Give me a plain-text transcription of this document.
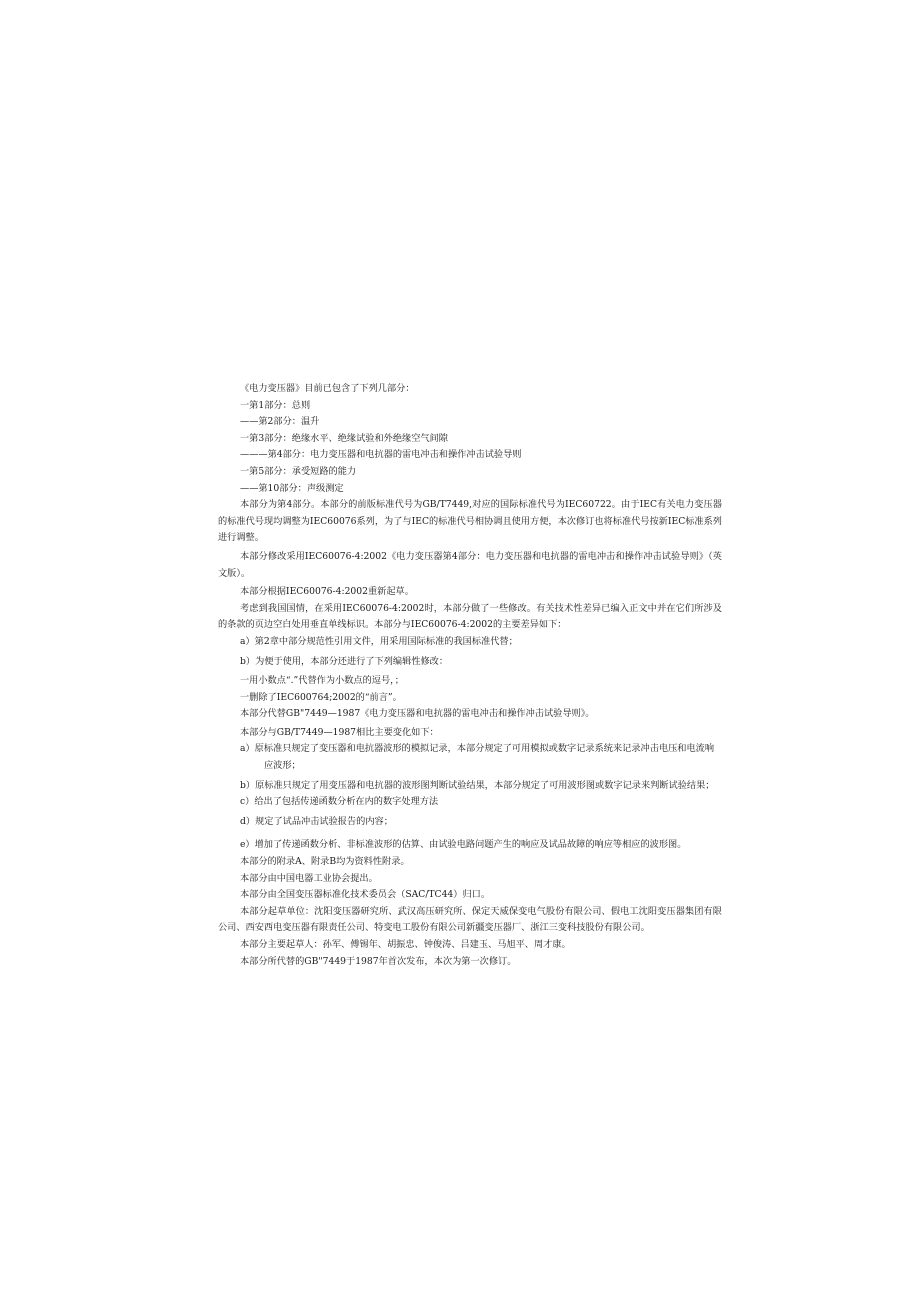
《电力变压器》目前已包含了下列几部分：
一第1部分：总则
——第2部分：温升
一第3部分：绝缘水平、绝缘试验和外绝缘空气间隙
———第4部分：电力变压器和电抗器的雷电冲击和操作冲击试验导则
一第5部分：承受短路的能力
——第10部分：声级测定
本部分为第4部分。本部分的前版标准代号为GB/T7449,对应的国际标准代号为IEC60722。由于IEC有关电力变压器的标准代号现均调整为IEC60076系列，为了与IEC的标准代号相协调且使用方便，本次修订也将标准代号按新IEC标准系列进行调整。
本部分修改采用IEC60076-4:2002《电力变压器第4部分：电力变压器和电抗器的雷电冲击和操作冲击试验导则》（英文版）。
本部分根据IEC60076-4:2002重新起草。
考虑到我国国情，在采用IEC60076-4:2002时，本部分做了一些修改。有关技术性差异已编入正文中并在它们所涉及的条款的页边空白处用垂直单线标识。本部分与IEC60076-4:2002的主要差异如下：
a）第2章中部分规范性引用文件，用采用国际标准的我国标准代替；
b）为便于使用，本部分还进行了下列编辑性修改：
一用小数点“.”代替作为小数点的逗号，；
一删除了IEC600764;2002的“前言”。
本部分代替GB"7449—1987《电力变压器和电抗器的雷电冲击和操作冲击试验导则》。
本部分与GB/T7449—1987相比主要变化如下：
a）原标准只规定了变压器和电抗器波形的模拟记录，本部分规定了可用模拟或数字记录系统来记录冲击电压和电流响
应波形；
b）原标准只规定了用变压器和电抗器的波形图判断试验结果，本部分规定了可用波形图或数字记录来判断试验结果；
c）给出了包括传递函数分析在内的数字处理方法
d）规定了试品冲击试验报告的内容；
e）增加了传递函数分析、非标准波形的估算、由试验电路问题产生的响应及试品故障的响应等相应的波形图。
本部分的附录A、附录B均为资料性附录。
本部分由中国电器工业协会提出。
本部分由全国变压器标准化技术委员会（SAC/TC44）归口。
本部分起草单位：沈阳变压器研究所、武汉高压研究所、保定天威保变电气股份有限公司、假电工沈阳变压器集团有限公司、西安西电变压器有限责任公司、特变电工股份有限公司新疆变压器厂、浙江三变科技股份有限公司。
本部分主要起草人：孙军、傅锡年、胡振忠、钟俊涛、吕建玉、马旭平、周才康。
本部分所代替的GB"7449于1987年首次发布，本次为第一次修订。
